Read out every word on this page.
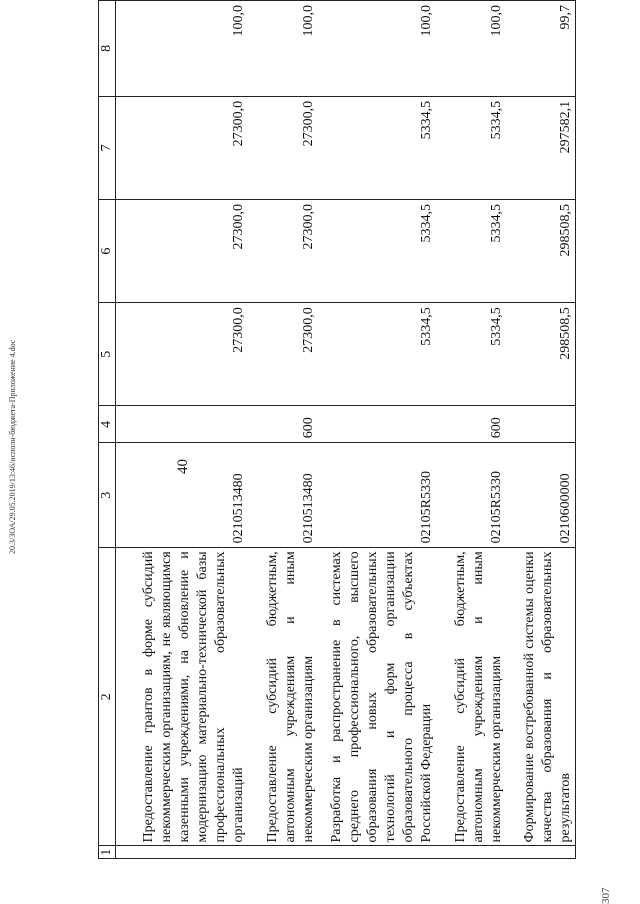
40
20.З/ЗОА/29.05.2019/13:46/исполн-бюджета-Приложение 4.doc
307
1	2	3	4	5	6	7	8
	Предоставление грантов в форме субсидий некоммерческим организациям, не являющимся казенными учреждениями, на обновление и модернизацию материально-технической базы профессиональных образовательных организаций	0210513480		27300,0	27300,0	27300,0	100,0
	Предоставление субсидий бюджетным, автономным учреждениям и иным некоммерческим организациям	0210513480	600	27300,0	27300,0	27300,0	100,0
	Разработка и распространение в системах среднего профессионального, высшего образования новых образовательных технологий и форм организации образовательного процесса в субъектах Российской Федерации	02105R5330		5334,5	5334,5	5334,5	100,0
	Предоставление субсидий бюджетным, автономным учреждениям и иным некоммерческим организациям	02105R5330	600	5334,5	5334,5	5334,5	100,0
	Формирование востребованной системы оценки качества образования и образовательных результатов	0210600000		298508,5	298508,5	297582,1	99,7
